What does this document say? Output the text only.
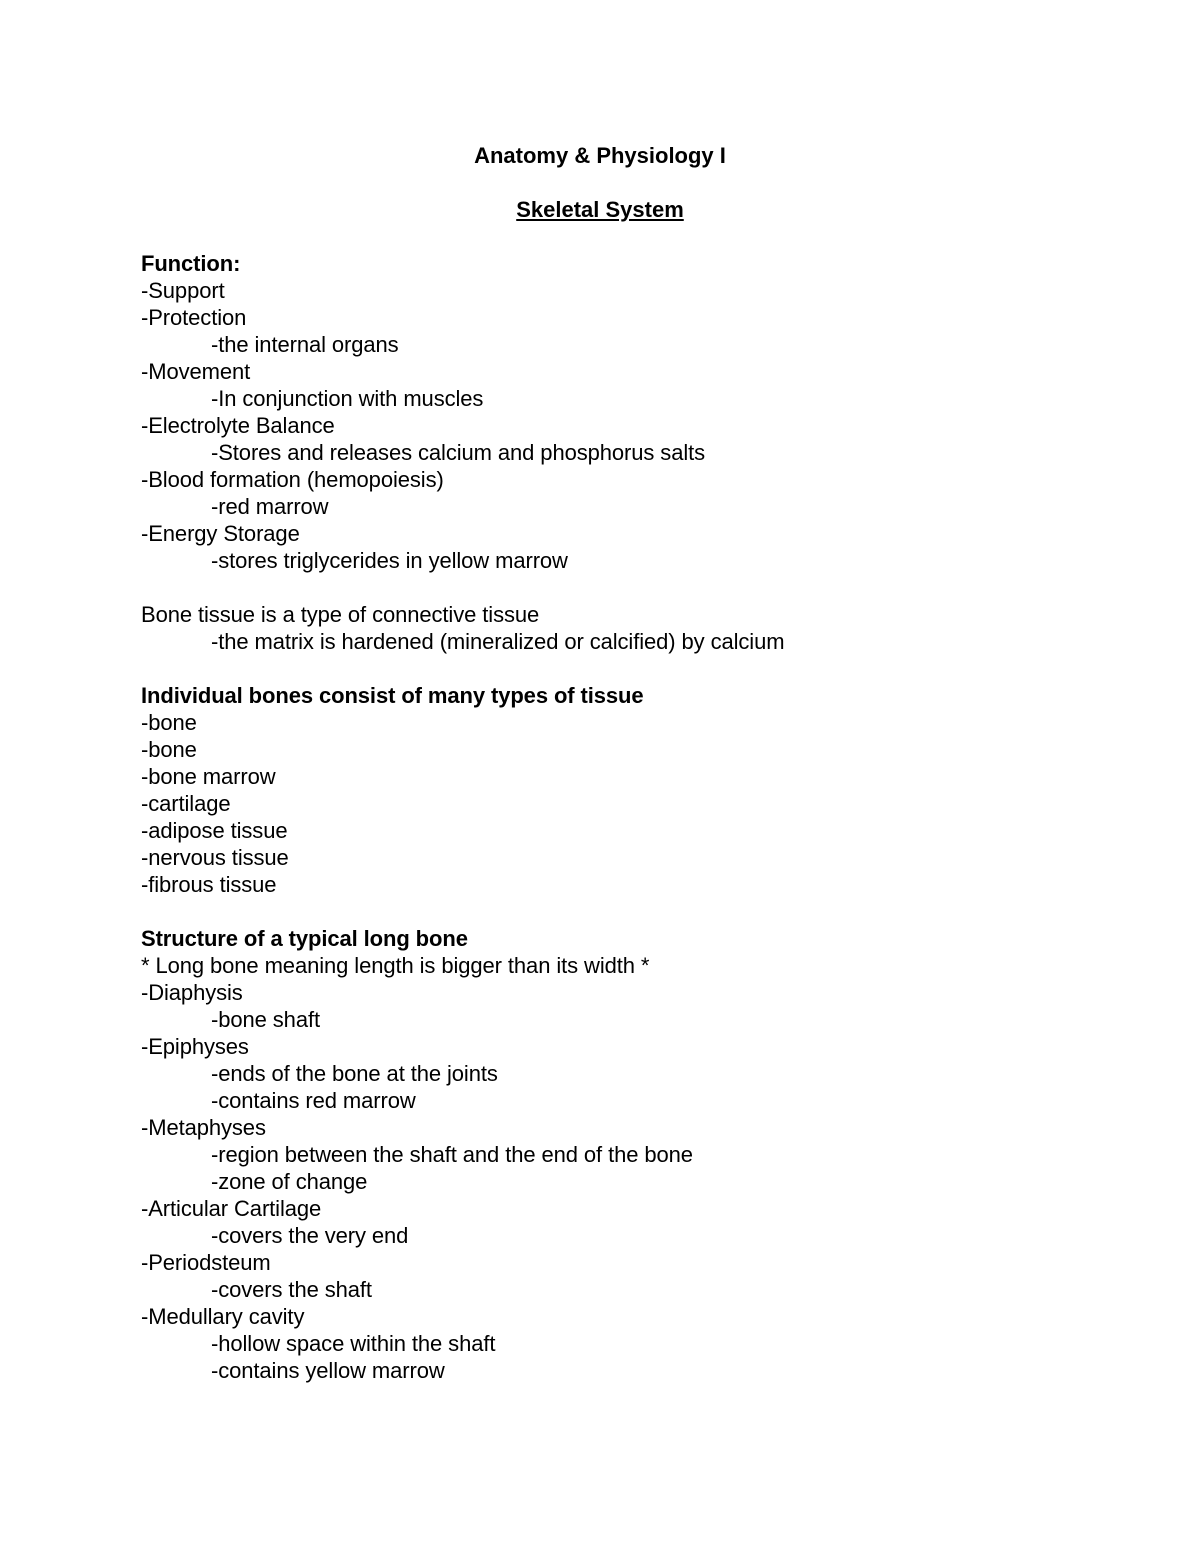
Anatomy & Physiology I
Skeletal System
Function:
-Support
-Protection
-the internal organs
-Movement
-In conjunction with muscles
-Electrolyte Balance
-Stores and releases calcium and phosphorus salts
-Blood formation (hemopoiesis)
-red marrow
-Energy Storage
-stores triglycerides in yellow marrow
Bone tissue is a type of connective tissue
-the matrix is hardened (mineralized or calcified) by calcium
Individual bones consist of many types of tissue
-bone
-bone
-bone marrow
-cartilage
-adipose tissue
-nervous tissue
-fibrous tissue
Structure of a typical long bone
* Long bone meaning length is bigger than its width *
-Diaphysis
-bone shaft
-Epiphyses
-ends of the bone at the joints
-contains red marrow
-Metaphyses
-region between the shaft and the end of the bone
-zone of change
-Articular Cartilage
-covers the very end
-Periodsteum
-covers the shaft
-Medullary cavity
-hollow space within the shaft
-contains yellow marrow
